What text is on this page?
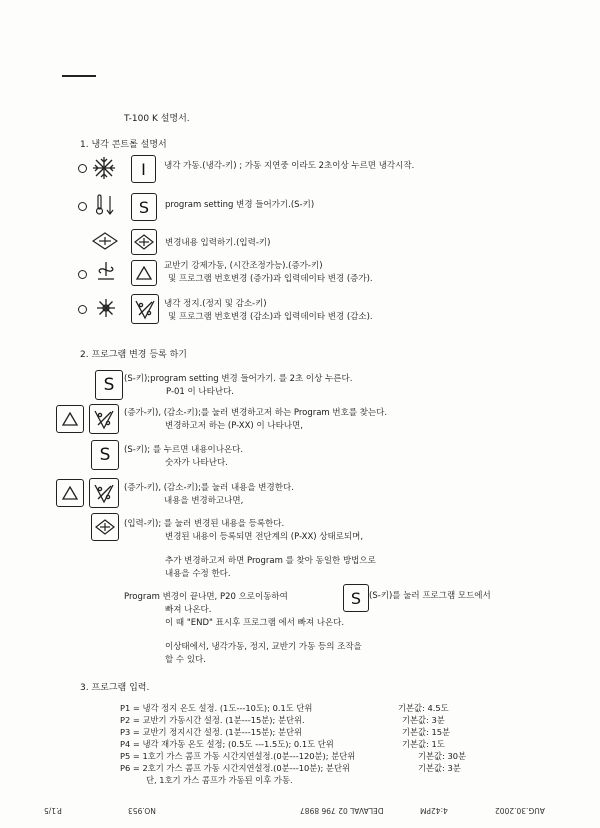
T-100 K 설명서.
1. 냉각 콘트롤 설명서
I 냉각 가동.(냉각-키) ; 가동 지연중 이라도 2초이상 누르면 냉각시작.
S program setting 변경 들어가기.(S-키)
변경내용 입력하기.(입력-키)
교반기 강제가동, (시간조정가능).(증가-키)
및 프로그램 번호변경 (증가)과 입력데이타 변경 (증가).
냉각 정지.(정지 및 감소-키)
및 프로그램 번호변경 (감소)과 입력데이타 변경 (감소).
2. 프로그램 변경 등록 하기
S (S-키);program setting 변경 들어가기. 를 2초 이상 누른다.
P-01 이 나타난다.
(증가-키), (감소-키);를 눌러 변경하고저 하는 Program 번호를 찾는다.
변경하고저 하는 (P-XX) 이 나타나면,
S (S-키); 를 누르면 내용이나온다.
숫자가 나타난다.
(증가-키), (감소-키);를 눌러 내용을 변경한다.
내용을 변경하고나면,
(입력-키); 를 눌러 변경된 내용을 등록한다.
변경된 내용이 등록되면 전단계의 (P-XX) 상태로되며,
추가 변경하고저 하면 Program 를 찾아 동일한 방법으로
내용을 수정 한다.
Program 변경이 끝나면, P20 으로이동하여	S (S-키)를 눌러 프로그램 모드에서
빠져 나온다.
이 때 "END" 표시후 프로그램 에서 빠져 나온다.
이상태에서, 냉각가동, 정지, 교반기 가동 등의 조작을
할 수 있다.
3. 프로그램 입력.
P1 = 냉각 정지 온도 설정. (1도---10도); 0.1도 단위	기본값: 4.5도
P2 = 교반기 가동시간 설정. (1분---15분); 분단위.	기본값: 3분
P3 = 교반기 정지시간 설정. (1분---15분); 분단위	기본값: 15분
P4 = 냉각 재가동 온도 설정; (0.5도 ---1.5도); 0.1도 단위	기본값: 1도
P5 = 1호기 가스 콤프 가동 시간지연설정.(0분---120분); 분단위	기본값: 30분
P6 = 2호기 가스 콤프 가동 시간지연설정.(0분---10분); 분단위	기본값: 3분
단, 1호기 가스 콤프가 가동된 이후 가동.
P.1/5	NO.953	DELAVAL 02 796 8987	4:42PM	AUG.30.2002
